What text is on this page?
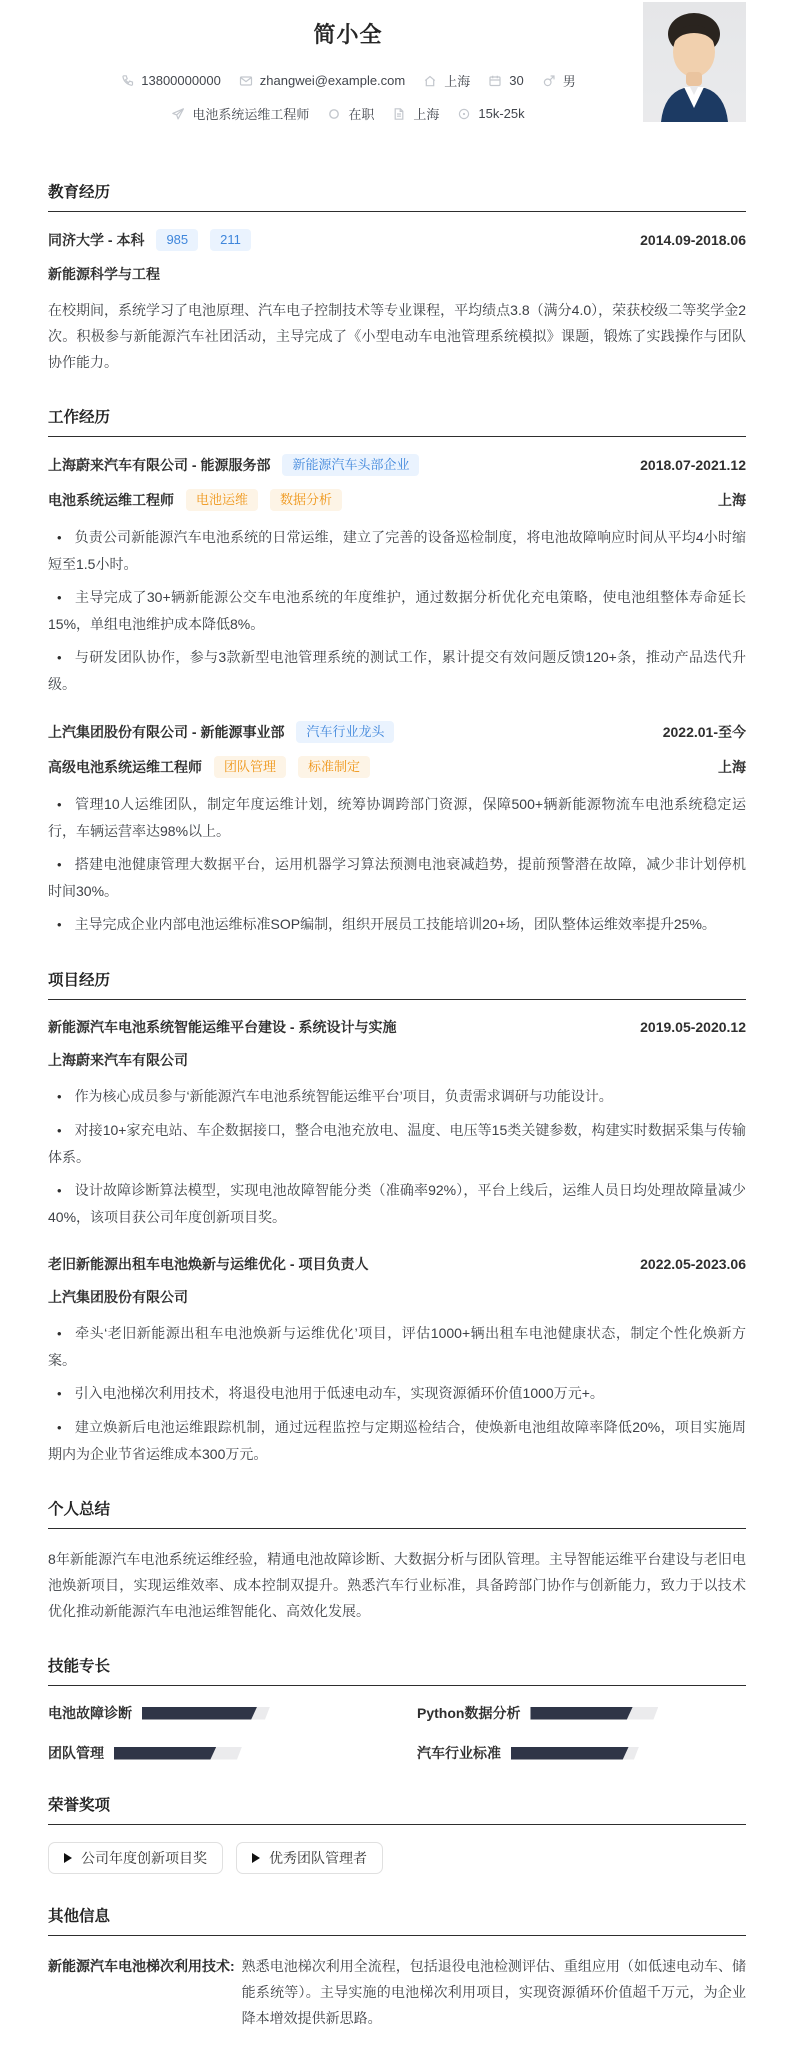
简小全
13800000000	zhangwei@example.com	上海	30	男
电池系统运维工程师	在职	上海	15k-25k
教育经历
同济大学 - 本科	985	211	2014.09-2018.06
新能源科学与工程

在校期间，系统学习了电池原理、汽车电子控制技术等专业课程，平均绩点3.8（满分4.0），荣获校级二等奖学金2次。积极参与新能源汽车社团活动，主导完成了《小型电动车电池管理系统模拟》课题，锻炼了实践操作与团队协作能力。

工作经历
上海蔚来汽车有限公司 - 能源服务部	新能源汽车头部企业	2018.07-2021.12
电池系统运维工程师	电池运维	数据分析	上海
• 负责公司新能源汽车电池系统的日常运维，建立了完善的设备巡检制度，将电池故障响应时间从平均4小时缩短至1.5小时。
• 主导完成了30+辆新能源公交车电池系统的年度维护，通过数据分析优化充电策略，使电池组整体寿命延长15%，单组电池维护成本降低8%。
• 与研发团队协作，参与3款新型电池管理系统的测试工作，累计提交有效问题反馈120+条，推动产品迭代升级。
上汽集团股份有限公司 - 新能源事业部	汽车行业龙头	2022.01-至今
高级电池系统运维工程师	团队管理	标准制定	上海
• 管理10人运维团队，制定年度运维计划，统筹协调跨部门资源，保障500+辆新能源物流车电池系统稳定运行，车辆运营率达98%以上。
• 搭建电池健康管理大数据平台，运用机器学习算法预测电池衰减趋势，提前预警潜在故障，减少非计划停机时间30%。
• 主导完成企业内部电池运维标准SOP编制，组织开展员工技能培训20+场，团队整体运维效率提升25%。
项目经历
新能源汽车电池系统智能运维平台建设 - 系统设计与实施	2019.05-2020.12
上海蔚来汽车有限公司
• 作为核心成员参与‘新能源汽车电池系统智能运维平台’项目，负责需求调研与功能设计。
• 对接10+家充电站、车企数据接口，整合电池充放电、温度、电压等15类关键参数，构建实时数据采集与传输体系。
• 设计故障诊断算法模型，实现电池故障智能分类（准确率92%），平台上线后，运维人员日均处理故障量减少40%，该项目获公司年度创新项目奖。
老旧新能源出租车电池焕新与运维优化 - 项目负责人	2022.05-2023.06
上汽集团股份有限公司
• 牵头‘老旧新能源出租车电池焕新与运维优化’项目，评估1000+辆出租车电池健康状态，制定个性化焕新方案。
• 引入电池梯次利用技术，将退役电池用于低速电动车，实现资源循环价值1000万元+。
• 建立焕新后电池运维跟踪机制，通过远程监控与定期巡检结合，使焕新电池组故障率降低20%，项目实施周期内为企业节省运维成本300万元。
个人总结

8年新能源汽车电池系统运维经验，精通电池故障诊断、大数据分析与团队管理。主导智能运维平台建设与老旧电池焕新项目，实现运维效率、成本控制双提升。熟悉汽车行业标准，具备跨部门协作与创新能力，致力于以技术优化推动新能源汽车电池运维智能化、高效化发展。

技能专长
电池故障诊断	Python数据分析
团队管理	汽车行业标准
荣誉奖项
公司年度创新项目奖	优秀团队管理者
其他信息
新能源汽车电池梯次利用技术: 熟悉电池梯次利用全流程，包括退役电池检测评估、重组应用（如低速电动车、储能系统等）。主导实施的电池梯次利用项目，实现资源循环价值超千万元，为企业降本增效提供新思路。
